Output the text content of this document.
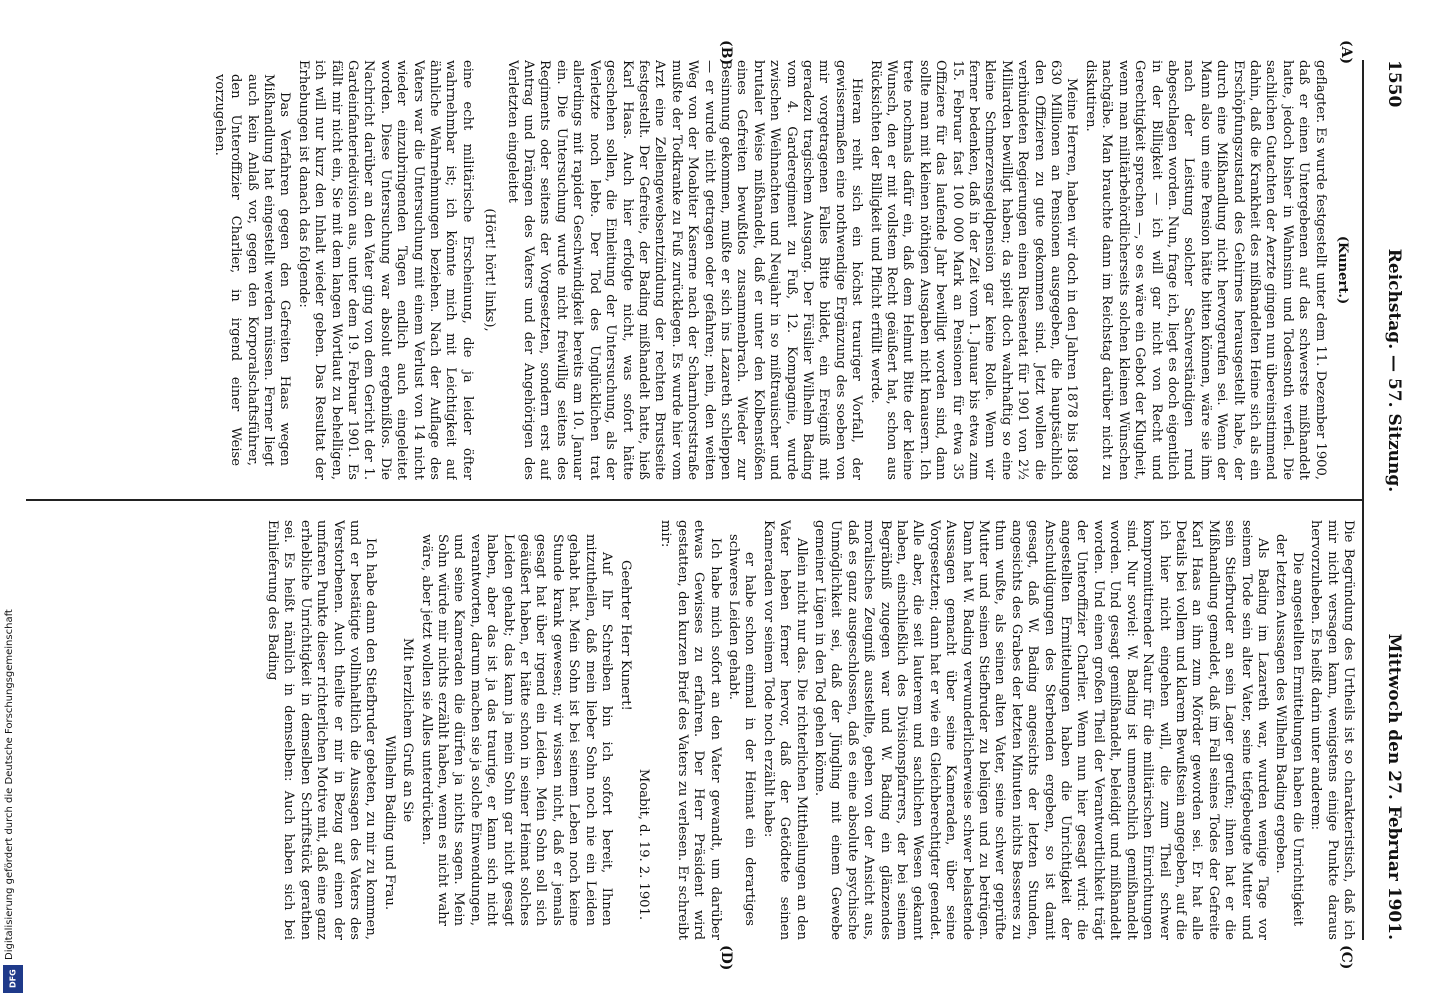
1550
Reichstag. — 57. Sitzung.
Mittwoch den 27. Februar 1901.
(A)
(B)
(C)
(D)

(Kunert.)

geflagter. Es wurde festgestellt unter dem 11. Dezember 1900, daß er einen Untergebenen auf das schwerste mißhandelt hatte, jedoch bisher in Wahnsinn und Todesnoth verfiel. Die sachlichen Gutachten der Aerzte gingen nun übereinstimmend dahin, daß die Krankheit des mißhandelten Heine sich als ein Erschöpfungszustand des Gehirnes herausgestellt habe, der durch eine Mißhandlung nicht hervorgerufen sei. Wenn der Mann also um eine Pension hätte bitten können, wäre sie ihm nach der Leistung solcher Sachverständigen rund abgeschlagen worden. Nun, frage ich, liegt es doch eigentlich in der Billigkeit — ich will gar nicht von Recht und Gerechtigkeit sprechen —, so es wäre ein Gebot der Klugheit, wenn man militärbehördlicherseits solchen kleinen Wünschen nachgäbe. Man brauchte dann im Reichstag darüber nicht zu diskutiren.

Meine Herren, haben wir doch in den Jahren 1878 bis 1898 630 Millionen an Pensionen ausgegeben, die hauptsächlich den Offizieren zu gute gekommen sind. Jetzt wollen die verbündeten Regierungen einen Riesenetat für 1901 von 2½ Milliarden bewilligt haben; da spielt doch wahrhaftig so eine kleine Schmerzensgeldpension gar keine Rolle. Wenn wir ferner bedenken, daß in der Zeit vom 1. Januar bis etwa zum 15. Februar fast 100 000 Mark an Pensionen für etwa 35 Offiziere für das laufende Jahr bewilligt worden sind, dann sollte man mit kleinen nöthigen Ausgaben nicht knausern. Ich trete nochmals dafür ein, daß dem Helmut Bitte der kleine Wunsch, den er mit vollstem Recht geäußert hat, schon aus Rücksichten der Billigkeit und Pflicht erfüllt werde.

Hieran reiht sich ein höchst trauriger Vorfall, der gewissermaßen eine nothwendige Ergänzung des soeben von mir vorgetragenen Falles Bitte bildet, ein Ereigniß mit geradezu tragischem Ausgang. Der Füsilier Wilhelm Bading vom 4. Garderegiment zu Fuß, 12. Kompagnie, wurde zwischen Weihnachten und Neujahr in so mißtrauischer und brutaler Weise mißhandelt, daß er unter den Kolbenstößen eines Gefreiten bewußtlos zusammenbrach. Wieder zur Besinnung gekommen, mußte er sich ins Lazareth schleppen — er wurde nicht getragen oder gefahren; nein, den weiten Weg von der Moabiter Kaserne nach der Scharnhorststraße mußte der Todkranke zu Fuß zurücklegen. Es wurde hier vom Arzt eine Zellengewebsentzündung der rechten Brustseite festgestellt. Der Gefreite, der Bading mißhandelt hatte, hieß Karl Haas. Auch hier erfolgte nicht, was sofort hätte geschehen sollen, die Einleitung der Untersuchung, als der Verletzte noch lebte. Der Tod des Unglücklichen trat allerdings mit rapider Geschwindigkeit bereits am 10. Januar ein. Die Untersuchung wurde nicht freiwillig seitens des Regiments oder seitens der Vorgesetzten, sondern erst auf Antrag und Drängen des Vaters und der Angehörigen des Verletzten eingeleitet

(Hört! hört! links),

eine echt militärische Erscheinung, die ja leider öfter wahrnehmbar ist; ich könnte mich mit Leichtigkeit auf ähnliche Wahrnehmungen beziehen. Nach der Auflage des Vaters war die Untersuchung mit einem Verlust von 14 nicht wieder einzubringenden Tagen endlich auch eingeleitet worden. Diese Untersuchung war absolut ergebnißlos. Die Nachricht darüber an den Vater ging von dem Gericht der 1. Gardeinfanteriedivision aus, unter dem 19. Februar 1901. Es fällt mir nicht ein, Sie mit dem langen Wortlaut zu behelligen, ich will nur kurz den Inhalt wieder geben. Das Resultat der Erhebungen ist danach das folgende:

Das Verfahren gegen den Gefreiten Haas wegen Mißhandlung hat eingestellt werden müssen. Ferner liegt auch kein Anlaß vor, gegen den Korporalschaftsführer, den Unteroffizier Charlier, in irgend einer Weise vorzugehen.

Die Begründung des Urtheils ist so charakteristisch, daß ich mir nicht versagen kann, wenigstens einige Punkte daraus hervorzuheben. Es heißt darin unter anderem:

Die angestellten Ermittelungen haben die Unrichtigkeit der letzten Aussagen des Wilhelm Bading ergeben.

Als Bading im Lazareth war, wurden wenige Tage vor seinem Tode sein alter Vater, seine tiefgebeugte Mutter und sein Stiefbruder an sein Lager gerufen; ihnen hat er die Mißhandlung gemeldet, daß im Fall seines Todes der Gefreite Karl Haas an ihm zum Mörder geworden sei. Er hat alle Details bei vollem und klarem Bewußtsein angegeben, auf die ich hier nicht eingehen will, die zum Theil schwer kompromittirender Natur für die militärischen Einrichtungen sind. Nur soviel: W. Bading ist unmenschlich gemißhandelt worden. Und gesagt gemißhandelt, beleidigt und mißhandelt worden. Und einen großen Theil der Verantwortlichkeit trägt der Unteroffizier Charlier. Wenn nun hier gesagt wird: die angestellten Ermittelungen haben die Unrichtigkeit der Anschuldigungen des Sterbenden ergeben, so ist damit gesagt, daß W. Bading angesichts der letzten Stunden, angesichts des Grabes der letzten Minuten nichts Besseres zu thun wußte, als seinen alten Vater, seine schwer geprüfte Mutter und seinen Stiefbruder zu belügen und zu betrügen. Dann hat W. Bading verwunderlicherweise schwer belastende Aussagen gemacht über seine Kameraden, über seine Vorgesetzten; dann hat er wie ein Gleichberechtigter geendet. Alle aber, die seit lauterem und sachlichen Wesen gekannt haben, einschließlich des Divisionspfarrers, der bei seinem Begräbniß zugegen war und W. Bading ein glänzendes moralisches Zeugniß ausstellte, geben von der Ansicht aus, daß es ganz ausgeschlossen, daß es eine absolute psychische Unmöglichkeit sei, daß der Jüngling mit einem Gewebe gemeiner Lügen in den Tod gehen könne.

Allein nicht nur das. Die richterlichen Mittheilungen an den Vater heben ferner hervor, daß der Getödtete seinen Kameraden vor seinem Tode noch erzählt habe:

er habe schon einmal in der Heimat ein derartiges schweres Leiden gehabt.

Ich habe mich sofort an den Vater gewandt, um darüber etwas Gewisses zu erfahren. Der Herr Präsident wird gestatten, den kurzen Brief des Vaters zu verlesen. Er schreibt mir:

Moabit, d. 19. 2. 1901.

Geehrter Herr Kunert!

Auf Ihr Schreiben bin ich sofort bereit, Ihnen mitzutheilen, daß mein lieber Sohn noch nie ein Leiden gehabt hat. Mein Sohn ist bei seinem Leben noch keine Stunde krank gewesen; wir wissen nicht, daß er jemals gesagt hat über irgend ein Leiden. Mein Sohn soll sich geäußert haben, er hätte schon in seiner Heimat solches Leiden gehabt; das kann ja mein Sohn gar nicht gesagt haben, aber das ist ja das traurige, er kann sich nicht verantworten, darum machen sie ja solche Einwendungen, und seine Kameraden die dürfen ja nichts sagen. Mein Sohn würde mir nichts erzählt haben, wenn es nicht wahr wäre, aber jetzt wollen sie Alles unterdrücken.

Mit herzlichem Gruß an Sie

Wilhelm Bading und Frau.

Ich habe dann den Stiefbruder gebeten, zu mir zu kommen, und er bestätigte vollinhaltlich die Aussagen des Vaters des Verstorbenen. Auch theilte er mir in Bezug auf einen der umfaren Punkte dieser richterlichen Motive mit, daß eine ganz erhebliche Unrichtigkeit in demselben Schriftstück gerathen sei. Es heißt nämlich in demselben: Auch haben sich bei Einlieferung des Bading

Digitalisierung gefördert durch die Deutsche Forschungsgemeinschaft
DFG
